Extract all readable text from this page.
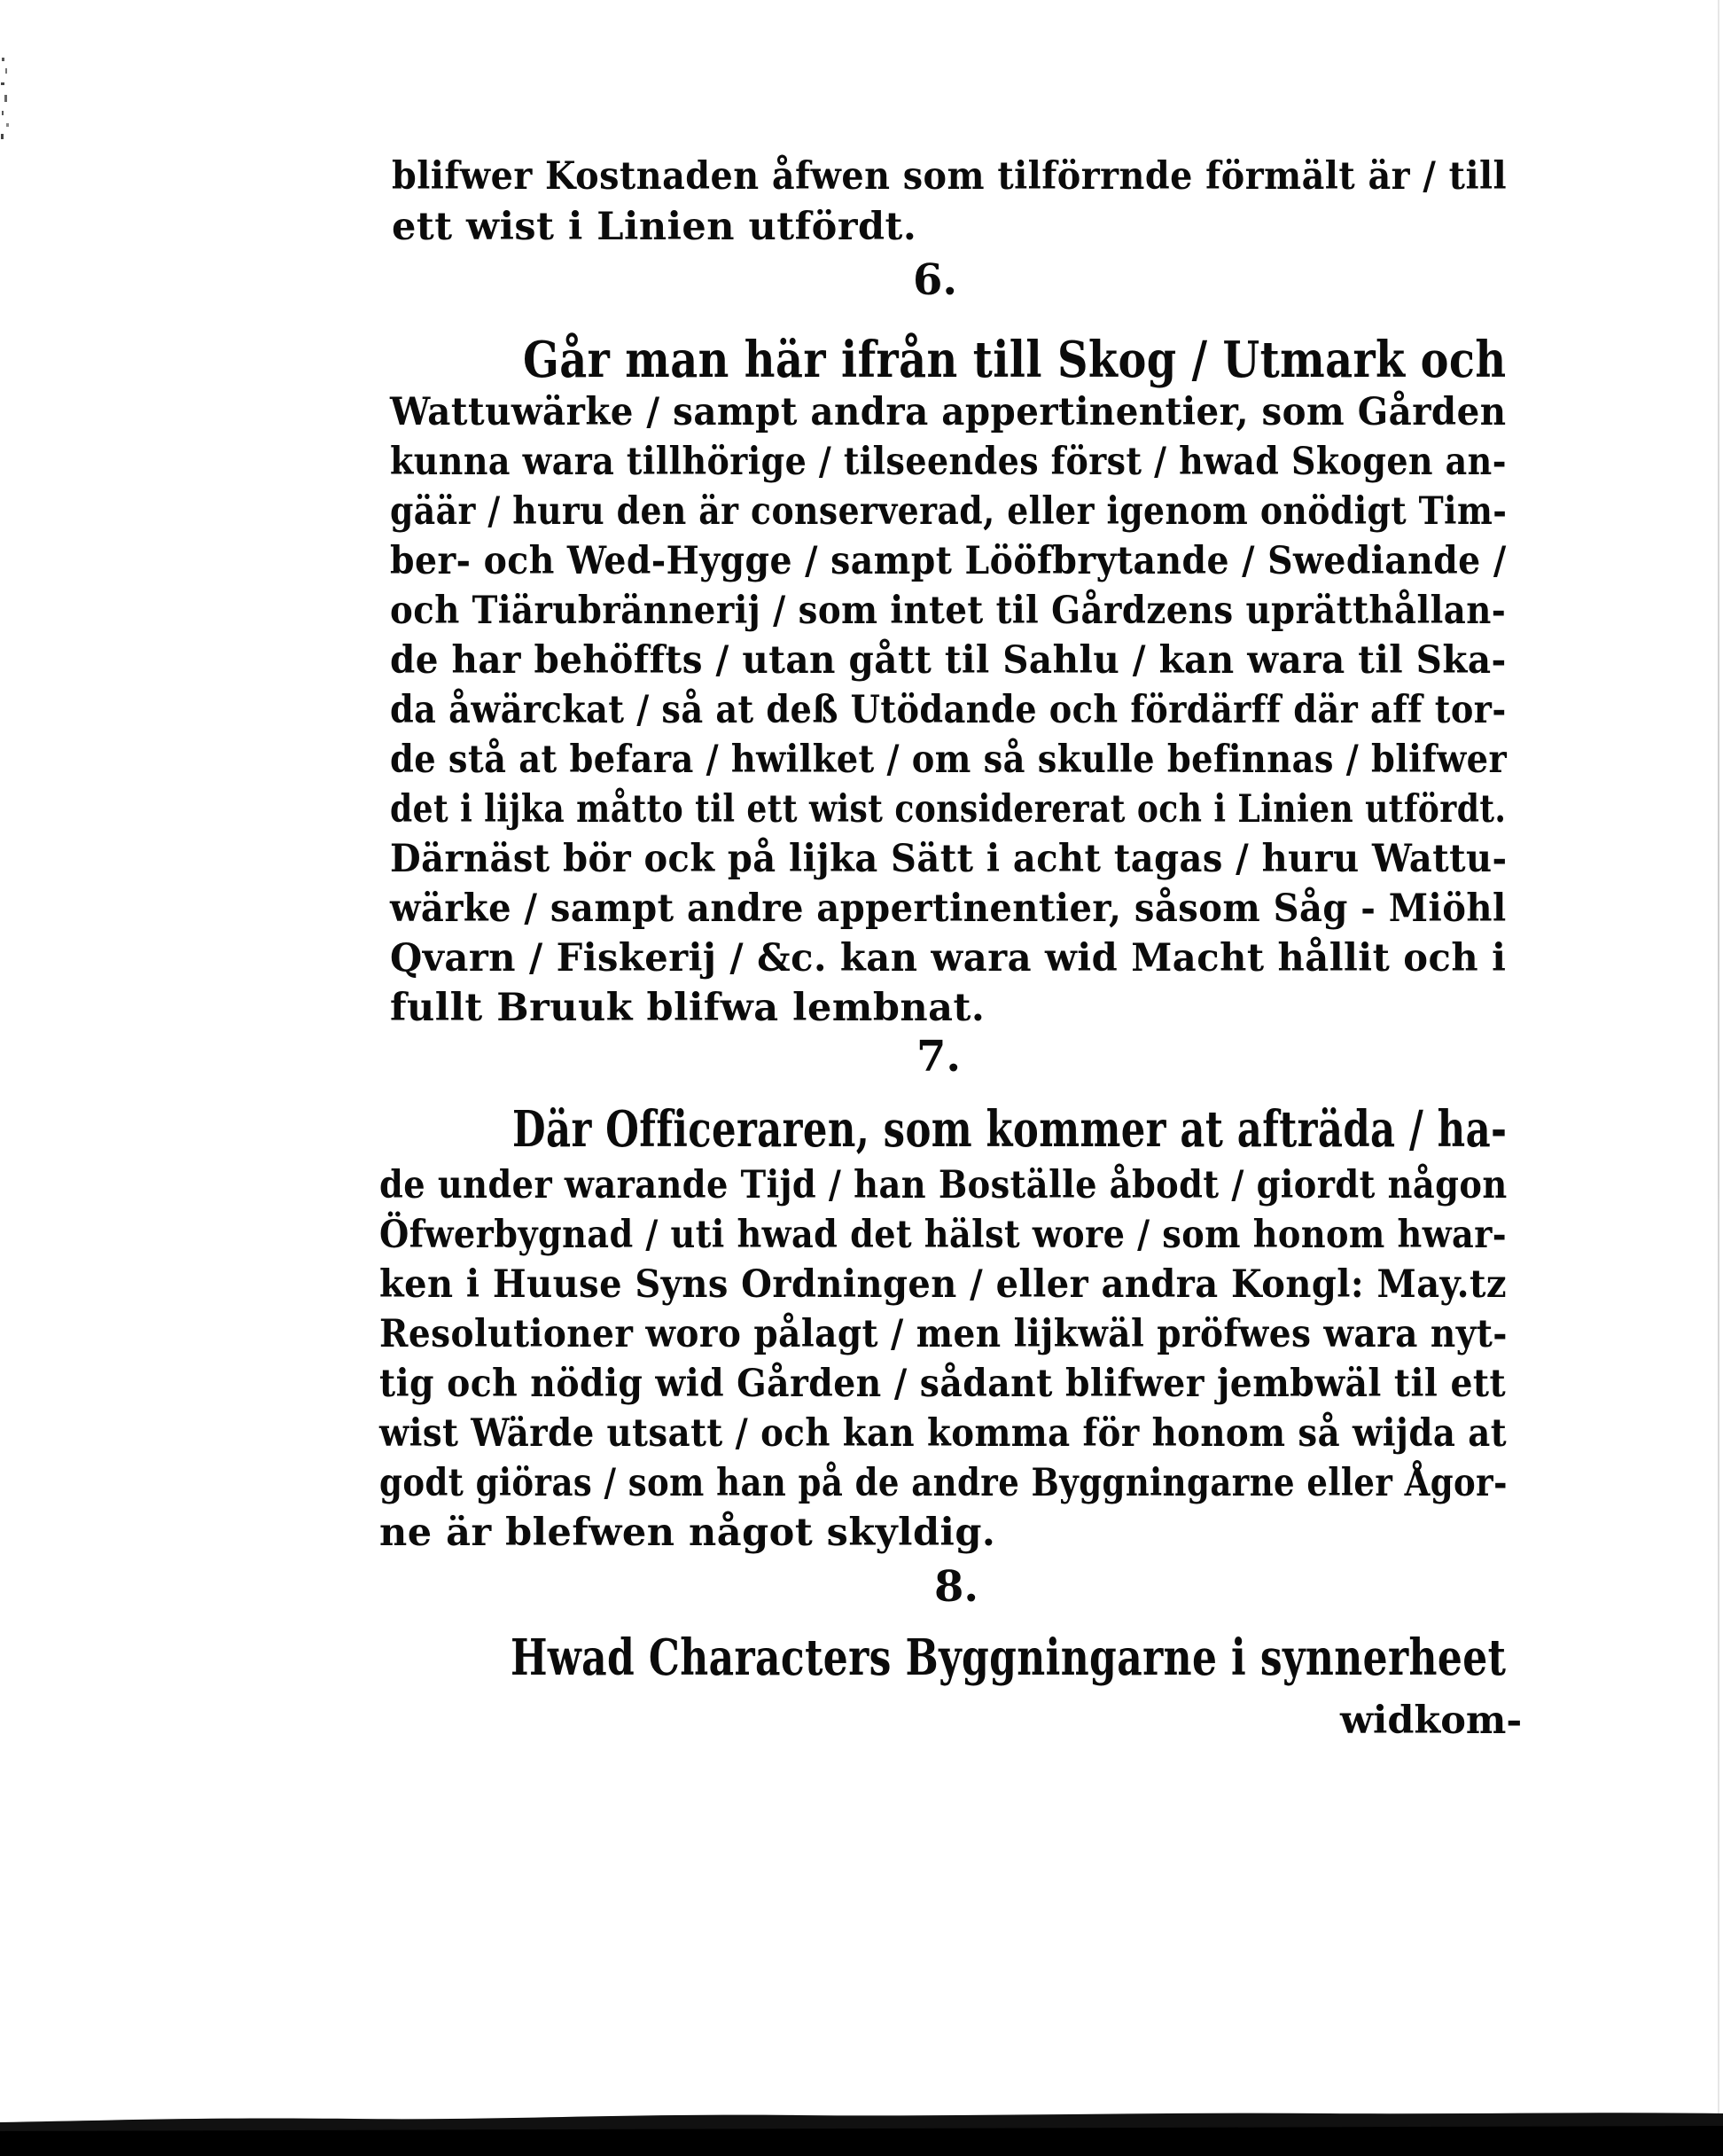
blifwer Kostnaden åfwen som tilförrnde förmält är / till
ett wist i Linien utfördt.
6.
Går man här ifrån till Skog / Utmark och
Wattuwärke / sampt andra appertinentier, som Gården
kunna wara tillhörige / tilseendes först / hwad Skogen an-
gäär / huru den är conserverad, eller igenom onödigt Tim-
ber- och Wed-Hygge / sampt Lööfbrytande / Swediande /
och Tiärubrännerij / som intet til Gårdzens uprätthållan-
de har behöffts / utan gått til Sahlu / kan wara til Ska-
da åwärckat / så at deß Utödande och fördärff där aff tor-
de stå at befara / hwilket / om så skulle befinnas / blifwer
det i lijka måtto til ett wist considererat och i Linien utfördt.
Därnäst bör ock på lijka Sätt i acht tagas / huru Wattu-
wärke / sampt andre appertinentier, såsom Såg - Miöhl
Qvarn / Fiskerij / &c. kan wara wid Macht hållit och i
fullt Bruuk blifwa lembnat.
7.
Där Officeraren, som kommer at afträda / ha-
de under warande Tijd / han Boställe åbodt / giordt någon
Öfwerbygnad / uti hwad det hälst wore / som honom hwar-
ken i Huuse Syns Ordningen / eller andra Kongl: May.tz
Resolutioner woro pålagt / men lijkwäl pröfwes wara nyt-
tig och nödig wid Gården / sådant blifwer jembwäl til ett
wist Wärde utsatt / och kan komma för honom så wijda at
godt giöras / som han på de andre Byggningarne eller Ågor-
ne är blefwen något skyldig.
8.
Hwad Characters Byggningarne i synnerheet
widkom-
